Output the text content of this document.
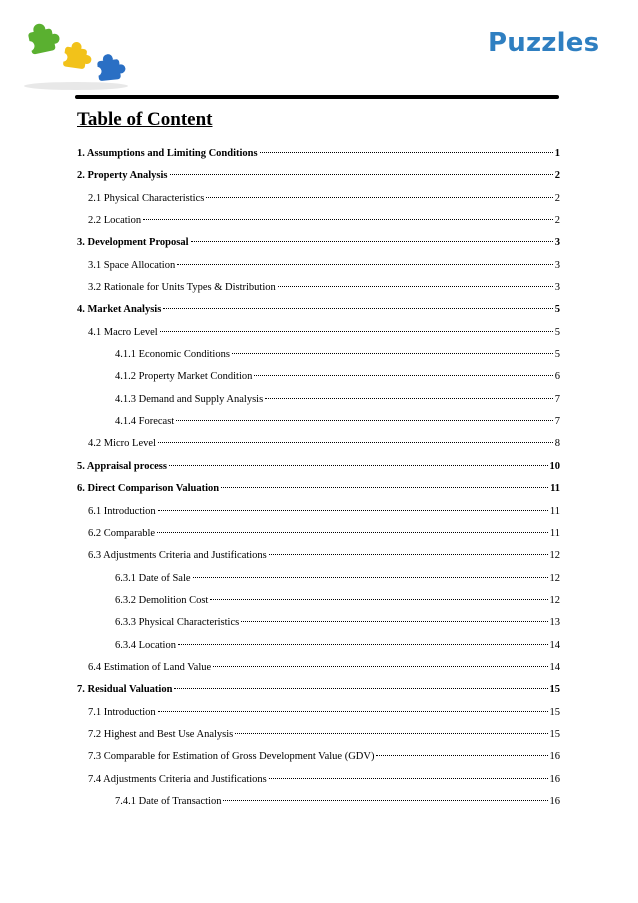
Puzzles
Table of Content
1. Assumptions and Limiting Conditions	1
2. Property Analysis	2
2.1 Physical Characteristics	2
2.2 Location	2
3. Development Proposal	3
3.1 Space Allocation	3
3.2 Rationale for Units Types & Distribution	3
4. Market Analysis	5
4.1 Macro Level	5
4.1.1 Economic Conditions	5
4.1.2 Property Market Condition	6
4.1.3 Demand and Supply Analysis	7
4.1.4 Forecast	7
4.2 Micro Level	8
5. Appraisal process	10
6. Direct Comparison Valuation	11
6.1 Introduction	11
6.2 Comparable	11
6.3 Adjustments Criteria and Justifications	12
6.3.1 Date of Sale	12
6.3.2 Demolition Cost	12
6.3.3 Physical Characteristics	13
6.3.4 Location	14
6.4 Estimation of Land Value	14
7. Residual Valuation	15
7.1 Introduction	15
7.2 Highest and Best Use Analysis	15
7.3 Comparable for Estimation of Gross Development Value (GDV)	16
7.4 Adjustments Criteria and Justifications	16
7.4.1 Date of Transaction	16
